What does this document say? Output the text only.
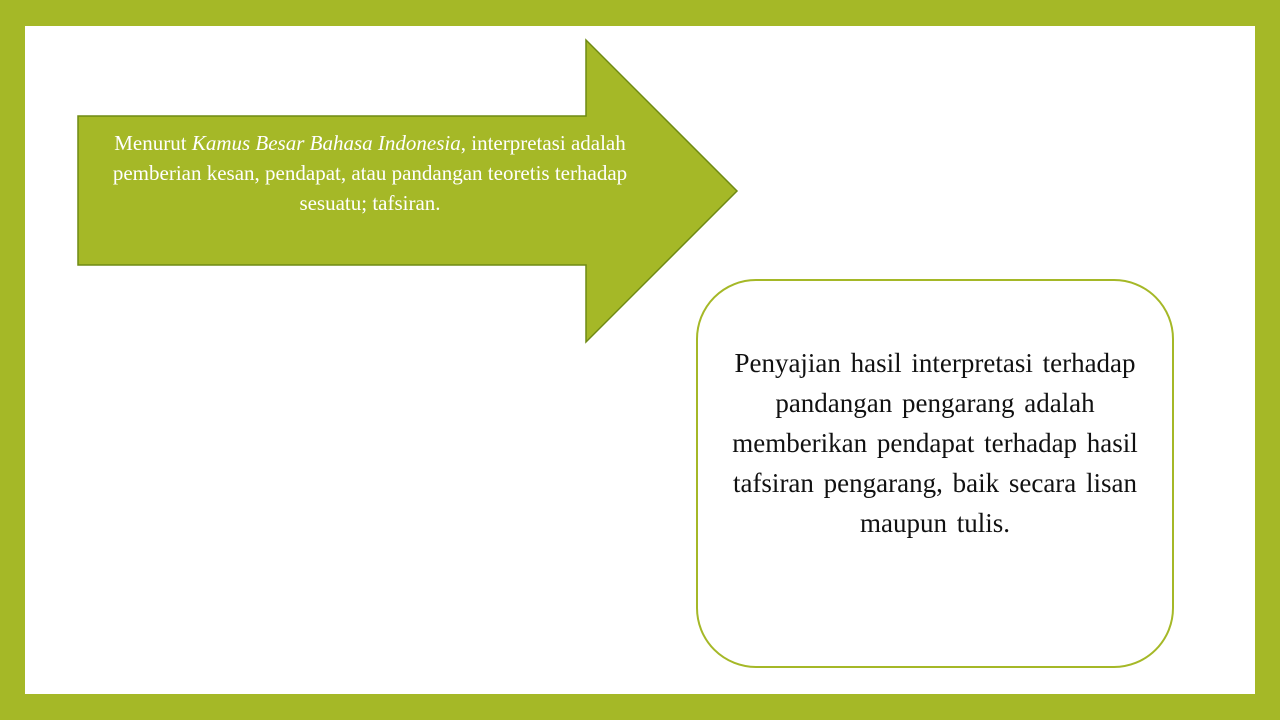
Menurut Kamus Besar Bahasa Indonesia, interpretasi adalah pemberian kesan, pendapat, atau pandangan teoretis terhadap sesuatu; tafsiran.
Penyajian hasil interpretasi terhadap pandangan pengarang adalah memberikan pendapat terhadap hasil tafsiran pengarang, baik secara lisan maupun tulis.
